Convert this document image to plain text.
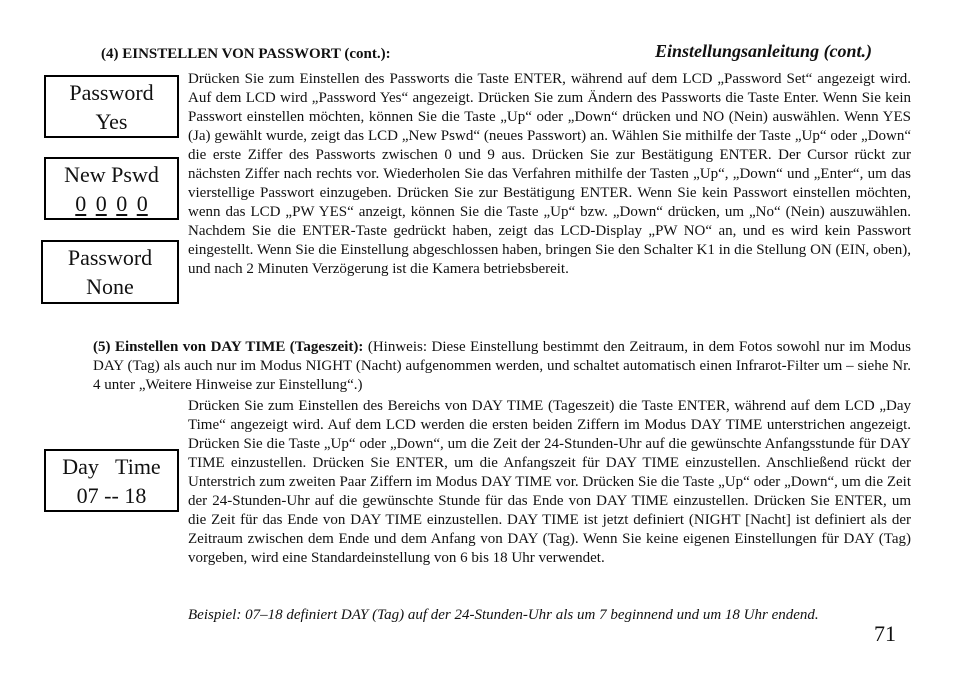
(4) EINSTELLEN VON PASSWORT (cont.):	Einstellungsanleitung (cont.)
Password
Yes
New Pswd
0 0 0 0
Password
None
Day   Time
07 -- 18

Drücken Sie zum Einstellen des Passworts die Taste ENTER, während auf dem LCD „Password Set“ angezeigt wird. Auf dem LCD wird „Password Yes“ angezeigt. Drücken Sie zum Ändern des Passworts die Taste Enter. Wenn Sie kein Passwort einstellen möchten, können Sie die Taste „Up“ oder „Down“ drücken und NO (Nein) auswählen. Wenn YES (Ja) gewählt wurde, zeigt das LCD „New Pswd“ (neues Passwort) an. Wählen Sie mithilfe der Taste „Up“ oder „Down“ die erste Ziffer des Passworts zwischen 0 und 9 aus. Drücken Sie zur Bestätigung ENTER. Der Cursor rückt zur nächsten Ziffer nach rechts vor. Wiederholen Sie das Verfahren mithilfe der Tasten „Up“, „Down“ und „Enter“, um das vierstellige Passwort einzugeben. Drücken Sie zur Bestätigung ENTER. Wenn Sie kein Passwort einstellen möchten, wenn das LCD „PW YES“ anzeigt, können Sie die Taste „Up“ bzw. „Down“ drücken, um „No“ (Nein) auszuwählen. Nachdem Sie die ENTER-Taste gedrückt haben, zeigt das LCD-Display „PW NO“ an, und es wird kein Passwort eingestellt. Wenn Sie die Einstellung abgeschlossen haben, bringen Sie den Schalter K1 in die Stellung ON (EIN, oben), und nach 2 Minuten Verzögerung ist die Kamera betriebsbereit.

(5) Einstellen von DAY TIME (Tageszeit): (Hinweis: Diese Einstellung bestimmt den Zeitraum, in dem Fotos sowohl nur im Modus DAY (Tag) als auch nur im Modus NIGHT (Nacht) aufgenommen werden, und schaltet automatisch einen Infrarot-Filter um – siehe Nr. 4 unter „Weitere Hinweise zur Einstellung“.)

Drücken Sie zum Einstellen des Bereichs von DAY TIME (Tageszeit) die Taste ENTER, während auf dem LCD „Day Time“ angezeigt wird. Auf dem LCD werden die ersten beiden Ziffern im Modus DAY TIME unterstrichen angezeigt. Drücken Sie die Taste „Up“ oder „Down“, um die Zeit der 24-Stunden-Uhr auf die gewünschte Anfangsstunde für DAY TIME einzustellen. Drücken Sie ENTER, um die Anfangszeit für DAY TIME einzustellen. Anschließend rückt der Unterstrich zum zweiten Paar Ziffern im Modus DAY TIME vor. Drücken Sie die Taste „Up“ oder „Down“, um die Zeit der 24-Stunden-Uhr auf die gewünschte Stunde für das Ende von DAY TIME einzustellen. Drücken Sie ENTER, um die Zeit für das Ende von DAY TIME einzustellen. DAY TIME ist jetzt definiert (NIGHT [Nacht] ist definiert als der Zeitraum zwischen dem Ende und dem Anfang von DAY (Tag). Wenn Sie keine eigenen Einstellungen für DAY (Tag) vorgeben, wird eine Standardeinstellung von 6 bis 18 Uhr verwendet.

Beispiel: 07–18 definiert DAY (Tag) auf der 24-Stunden-Uhr als um 7 beginnend und um 18 Uhr endend.

71
